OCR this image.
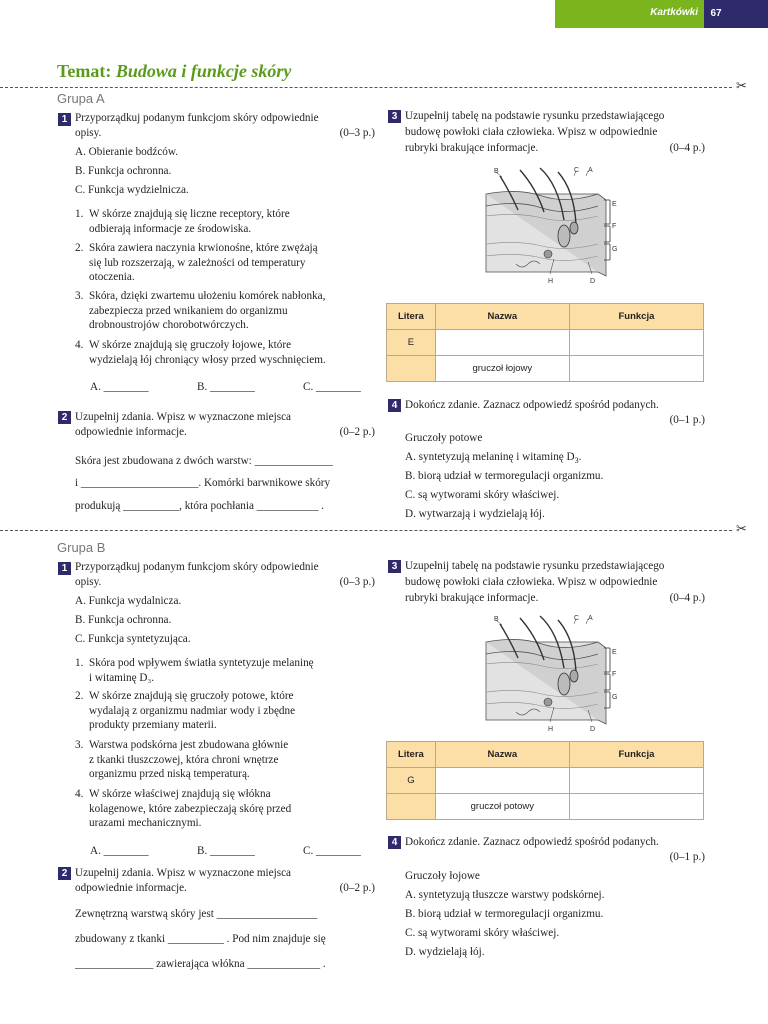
Kartkówki	67
Temat: Budowa i funkcje skóry
✂
✂
Grupa A
1 Przyporządkuj podanym funkcjom skóry odpowiednie
opisy.	(0–3 p.)
A. Obieranie bodźców.
B. Funkcja ochronna.
C. Funkcja wydzielnicza.
1. W skórze znajdują się liczne receptory, które
odbierają informacje ze środowiska.
2. Skóra zawiera naczynia krwionośne, które zwężają
się lub rozszerzają, w zależności od temperatury
otoczenia.
3. Skóra, dzięki zwartemu ułożeniu komórek nabłonka,
zabezpiecza przed wnikaniem do organizmu
drobnoustrojów chorobotwórczych.
4. W skórze znajdują się gruczoły łojowe, które
wydzielają łój chroniący włosy przed wyschnięciem.
A. ________	B. ________	C. ________
2 Uzupełnij zdania. Wpisz w wyznaczone miejsca
odpowiednie informacje.	(0–2 p.)
Skóra jest zbudowana z dwóch warstw: ______________
i _____________________. Komórki barwnikowe skóry
produkują __________, która pochłania ___________ .
3 Uzupełnij tabelę na podstawie rysunku przedstawiającego
budowę powłoki ciała człowieka. Wpisz w odpowiednie
rubryki brakujące informacje.	(0–4 p.)
B	C A
E
F
G
H	D
Litera	Nazwa	Funkcja
E		
	gruczoł łojowy	
4 Dokończ zdanie. Zaznacz odpowiedź spośród podanych.
(0–1 p.)
Gruczoły potowe
A. syntetyzują melaninę i witaminę $D_3$.
B. biorą udział w termoregulacji organizmu.
C. są wytworami skóry właściwej.
D. wytwarzają i wydzielają łój.
Grupa B
1 Przyporządkuj podanym funkcjom skóry odpowiednie
opisy.	(0–3 p.)
A. Funkcja wydalnicza.
B. Funkcja ochronna.
C. Funkcja syntetyzująca.
1. Skóra pod wpływem światła syntetyzuje melaninę
i witaminę D₃.
2. W skórze znajdują się gruczoły potowe, które
wydalają z organizmu nadmiar wody i zbędne
produkty przemiany materii.
3. Warstwa podskórna jest zbudowana głównie
z tkanki tłuszczowej, która chroni wnętrze
organizmu przed niską temperaturą.
4. W skórze właściwej znajdują się włókna
kolagenowe, które zabezpieczają skórę przed
urazami mechanicznymi.
A. ________	B. ________	C. ________
2 Uzupełnij zdania. Wpisz w wyznaczone miejsca
odpowiednie informacje.	(0–2 p.)
Zewnętrzną warstwą skóry jest __________________
zbudowany z tkanki __________ . Pod nim znajduje się
______________ zawierająca włókna _____________ .
3 Uzupełnij tabelę na podstawie rysunku przedstawiającego
budowę powłoki ciała człowieka. Wpisz w odpowiednie
rubryki brakujące informacje.	(0–4 p.)
B	C A
E
F
G
H	D
Litera	Nazwa	Funkcja
G		
	gruczoł potowy	
4 Dokończ zdanie. Zaznacz odpowiedź spośród podanych.
(0–1 p.)
Gruczoły łojowe
A. syntetyzują tłuszcze warstwy podskórnej.
B. biorą udział w termoregulacji organizmu.
C. są wytworami skóry właściwej.
D. wydzielają łój.
